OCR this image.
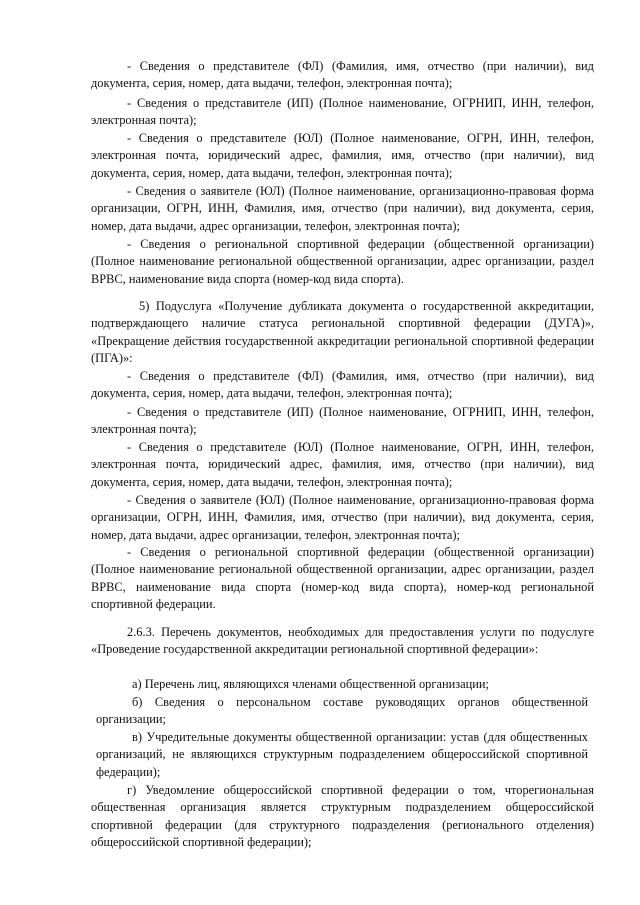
- Сведения о представителе (ФЛ) (Фамилия, имя, отчество (при наличии), вид документа, серия, номер, дата выдачи, телефон, электронная почта);

- Сведения о представителе (ИП) (Полное наименование, ОГРНИП, ИНН, телефон, электронная почта);

- Сведения о представителе (ЮЛ) (Полное наименование, ОГРН, ИНН, телефон, электронная почта, юридический адрес, фамилия, имя, отчество (при наличии), вид документа, серия, номер, дата выдачи, телефон, электронная почта);

- Сведения о заявителе (ЮЛ) (Полное наименование, организационно-правовая форма организации, ОГРН, ИНН, Фамилия, имя, отчество (при наличии), вид документа, серия, номер, дата выдачи, адрес организации, телефон, электронная почта);

- Сведения о региональной спортивной федерации (общественной организации) (Полное наименование региональной общественной организации, адрес организации, раздел ВРВС, наименование вида спорта (номер-код вида спорта).

5) Подуслуга «Получение дубликата документа о государственной аккредитации, подтверждающего наличие статуса региональной спортивной федерации (ДУГА)», «Прекращение действия государственной аккредитации региональной спортивной федерации (ПГА)»:

- Сведения о представителе (ФЛ) (Фамилия, имя, отчество (при наличии), вид документа, серия, номер, дата выдачи, телефон, электронная почта);

- Сведения о представителе (ИП) (Полное наименование, ОГРНИП, ИНН, телефон, электронная почта);

- Сведения о представителе (ЮЛ) (Полное наименование, ОГРН, ИНН, телефон, электронная почта, юридический адрес, фамилия, имя, отчество (при наличии), вид документа, серия, номер, дата выдачи, телефон, электронная почта);

- Сведения о заявителе (ЮЛ) (Полное наименование, организационно-правовая форма организации, ОГРН, ИНН, Фамилия, имя, отчество (при наличии), вид документа, серия, номер, дата выдачи, адрес организации, телефон, электронная почта);

- Сведения о региональной спортивной федерации (общественной организации) (Полное наименование региональной общественной организации, адрес организации, раздел ВРВС, наименование вида спорта (номер-код вида спорта), номер-код региональной спортивной федерации.

2.6.3. Перечень документов, необходимых для предоставления услуги по подуслуге «Проведение государственной аккредитации региональной спортивной федерации»:

а) Перечень лиц, являющихся членами общественной организации;

б) Сведения о персональном составе руководящих органов общественной организации;

в) Учредительные документы общественной организации: устав (для общественных организаций, не являющихся структурным подразделением общероссийской спортивной федерации);

г) Уведомление общероссийской спортивной федерации о том, чторегиональная общественная организация является структурным подразделением общероссийской спортивной федерации (для структурного подразделения (регионального отделения) общероссийской спортивной федерации);
